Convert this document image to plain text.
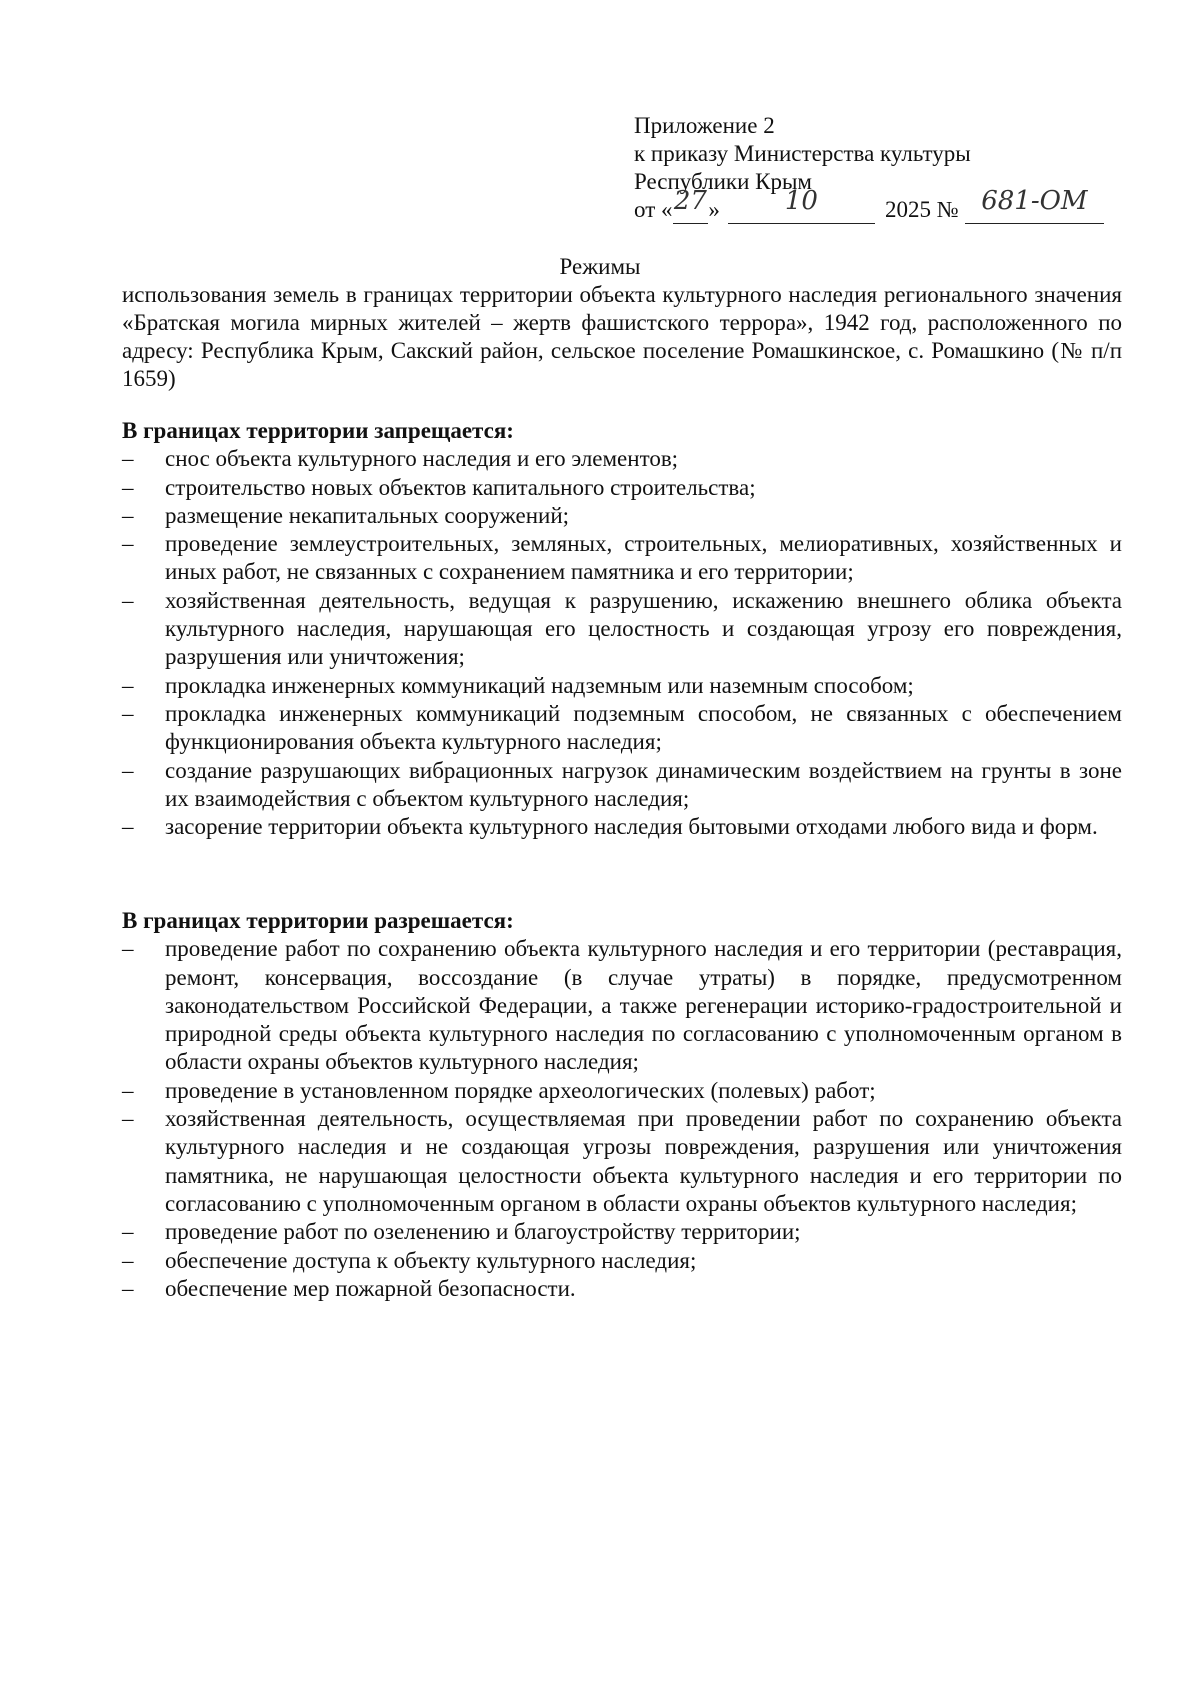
Приложение 2
к приказу Министерства культуры
Республики Крым
от « 27 »	10	2025 № 681-ОМ
Режимы
использования земель в границах территории объекта культурного наследия регионального значения «Братская могила мирных жителей – жертв фашистского террора», 1942 год, расположенного по адресу: Республика Крым, Сакский район, сельское поселение Ромашкинское, с. Ромашкино (№ п/п 1659)
В границах территории запрещается:
–	снос объекта культурного наследия и его элементов;
–	строительство новых объектов капитального строительства;
–	размещение некапитальных сооружений;
–	проведение землеустроительных, земляных, строительных, мелиоративных, хозяйственных и иных работ, не связанных с сохранением памятника и его территории;
–	хозяйственная деятельность, ведущая к разрушению, искажению внешнего облика объекта культурного наследия, нарушающая его целостность и создающая угрозу его повреждения, разрушения или уничтожения;
–	прокладка инженерных коммуникаций надземным или наземным способом;
–	прокладка инженерных коммуникаций подземным способом, не связанных с обеспечением функционирования объекта культурного наследия;
–	создание разрушающих вибрационных нагрузок динамическим воздействием на грунты в зоне их взаимодействия с объектом культурного наследия;
–	засорение территории объекта культурного наследия бытовыми отходами любого вида и форм.
В границах территории разрешается:
–	проведение работ по сохранению объекта культурного наследия и его территории (реставрация, ремонт, консервация, воссоздание (в случае утраты) в порядке, предусмотренном законодательством Российской Федерации, а также регенерации историко-градостроительной и природной среды объекта культурного наследия по согласованию с уполномоченным органом в области охраны объектов культурного наследия;
–	проведение в установленном порядке археологических (полевых) работ;
–	хозяйственная деятельность, осуществляемая при проведении работ по сохранению объекта культурного наследия и не создающая угрозы повреждения, разрушения или уничтожения памятника, не нарушающая целостности объекта культурного наследия и его территории по согласованию с уполномоченным органом в области охраны объектов культурного наследия;
–	проведение работ по озеленению и благоустройству территории;
–	обеспечение доступа к объекту культурного наследия;
–	обеспечение мер пожарной безопасности.
